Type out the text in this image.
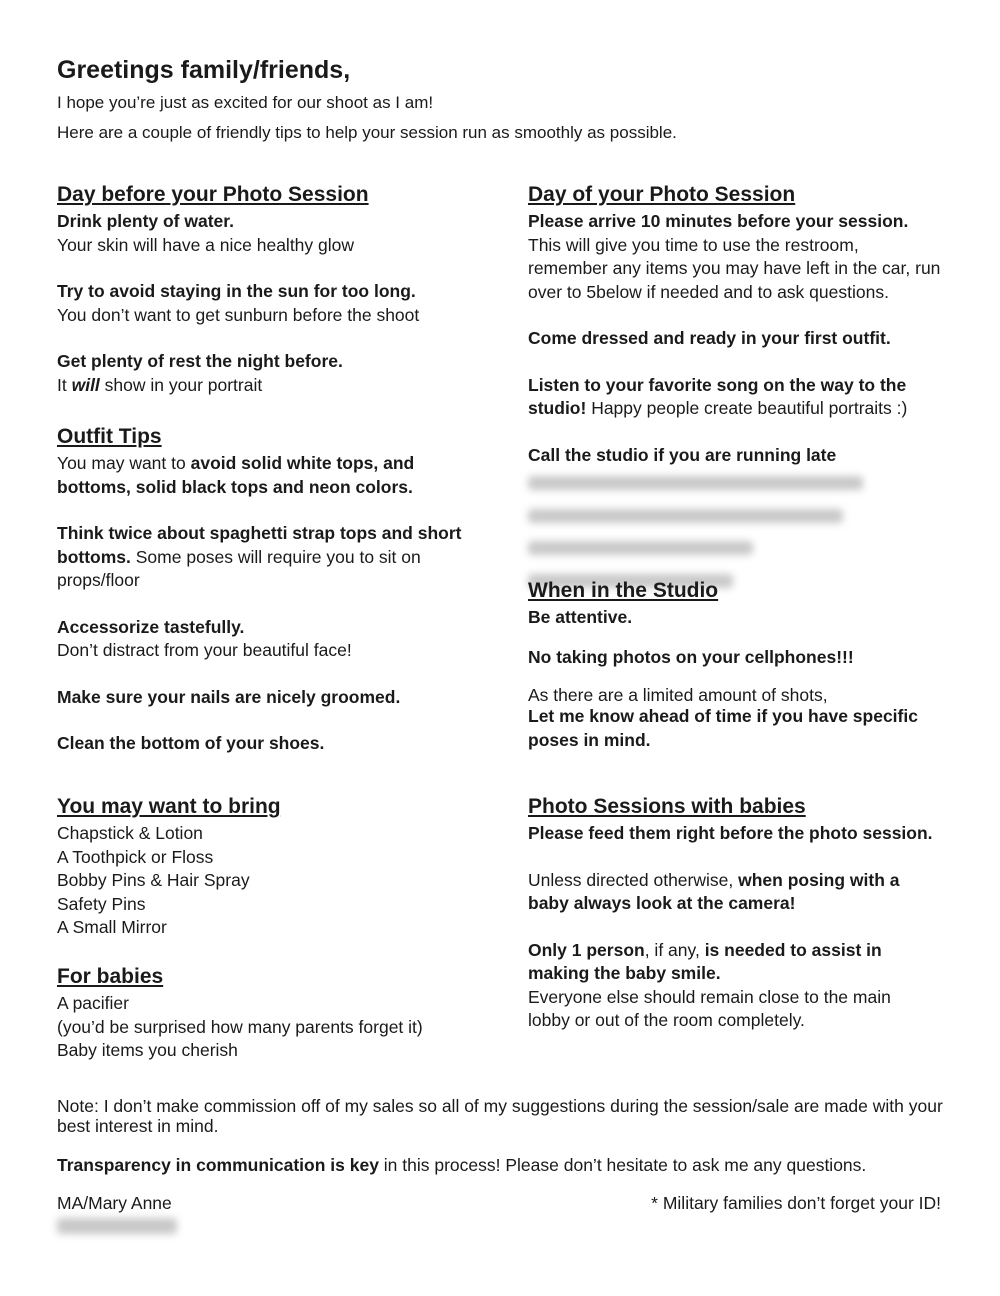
Greetings family/friends,

I hope you’re just as excited for our shoot as I am!

Here are a couple of friendly tips to help your session run as smoothly as possible.

Day before your Photo Session

Drink plenty of water.

Your skin will have a nice healthy glow

Try to avoid staying in the sun for too long.

You don’t want to get sunburn before the shoot

Get plenty of rest the night before.

It will show in your portrait

Outfit Tips

You may want to avoid solid white tops, and bottoms, solid black tops and neon colors.

Think twice about spaghetti strap tops and short bottoms. Some poses will require you to sit on props/floor

Accessorize tastefully.

Don’t distract from your beautiful face!

Make sure your nails are nicely groomed.

Clean the bottom of your shoes.

You may want to bring

Chapstick & Lotion

A Toothpick or Floss

Bobby Pins & Hair Spray

Safety Pins

A Small Mirror

For babies

A pacifier

(you’d be surprised how many parents forget it)

Baby items you cherish

Day of your Photo Session

Please arrive 10 minutes before your session.

This will give you time to use the restroom, remember any items you may have left in the car, run over to 5below if needed and to ask questions.

Come dressed and ready in your first outfit.

Listen to your favorite song on the way to the studio! Happy people create beautiful portraits :)

Call the studio if you are running late

When in the Studio

Be attentive.

No taking photos on your cellphones!!!

As there are a limited amount of shots,

Let me know ahead of time if you have specific poses in mind.

Photo Sessions with babies

Please feed them right before the photo session.

Unless directed otherwise, when posing with a baby always look at the camera!

Only 1 person, if any, is needed to assist in making the baby smile.

Everyone else should remain close to the main lobby or out of the room completely.

Note: I don’t make commission off of my sales so all of my suggestions during the session/sale are made with your best interest in mind.

Transparency in communication is key in this process! Please don’t hesitate to ask me any questions.

MA/Mary Anne	* Military families don’t forget your ID!
